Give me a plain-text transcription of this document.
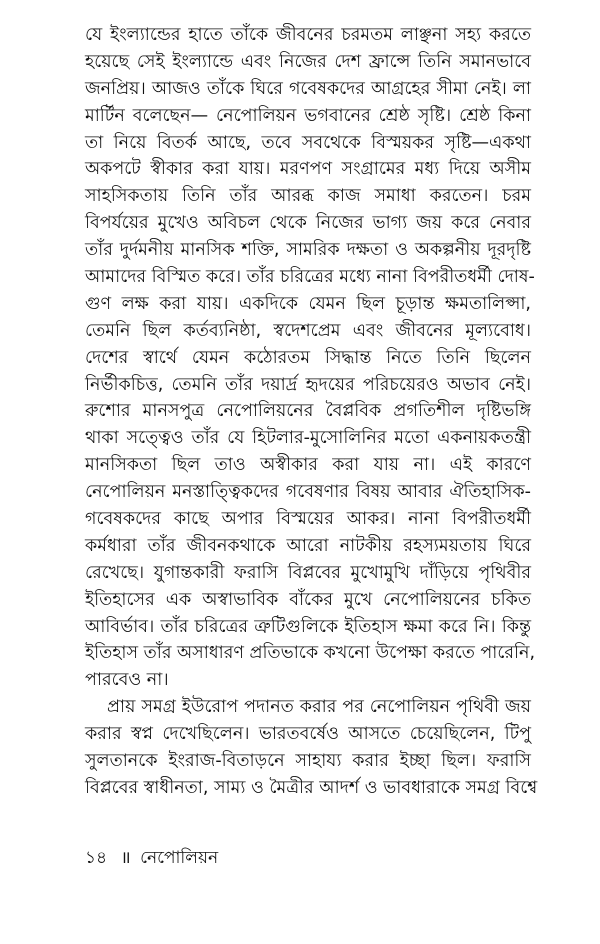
যে ইংল্যান্ডের হাতে তাঁকে জীবনের চরমতম লাঞ্ছনা সহ্য করতে
হয়েছে সেই ইংল্যান্ডে এবং নিজের দেশ ফ্রান্সে তিনি সমানভাবে
জনপ্রিয়। আজও তাঁকে ঘিরে গবেষকদের আগ্রহের সীমা নেই। লা
মার্টিন বলেছেন— নেপোলিয়ন ভগবানের শ্রেষ্ঠ সৃষ্টি। শ্রেষ্ঠ কিনা
তা নিয়ে বিতর্ক আছে, তবে সবথেকে বিস্ময়কর সৃষ্টি—একথা
অকপটে স্বীকার করা যায়। মরণপণ সংগ্রামের মধ্য দিয়ে অসীম
সাহসিকতায় তিনি তাঁর আরব্ধ কাজ সমাধা করতেন। চরম
বিপর্যয়ের মুখেও অবিচল থেকে নিজের ভাগ্য জয় করে নেবার
তাঁর দুর্দমনীয় মানসিক শক্তি, সামরিক দক্ষতা ও অকল্পনীয় দূরদৃষ্টি
আমাদের বিস্মিত করে। তাঁর চরিত্রের মধ্যে নানা বিপরীতধর্মী দোষ-
গুণ লক্ষ করা যায়। একদিকে যেমন ছিল চূড়ান্ত ক্ষমতালিপ্সা,
তেমনি ছিল কর্তব্যনিষ্ঠা, স্বদেশপ্রেম এবং জীবনের মূল্যবোধ।
দেশের স্বার্থে যেমন কঠোরতম সিদ্ধান্ত নিতে তিনি ছিলেন
নির্ভীকচিত্ত, তেমনি তাঁর দয়ার্দ্র হৃদয়ের পরিচয়েরও অভাব নেই।
রুশোর মানসপুত্র নেপোলিয়নের বৈপ্লবিক প্রগতিশীল দৃষ্টিভঙ্গি
থাকা সত্ত্বেও তাঁর যে হিটলার-মুসোলিনির মতো একনায়কতন্ত্রী
মানসিকতা ছিল তাও অস্বীকার করা যায় না। এই কারণে
নেপোলিয়ন মনস্তাত্ত্বিকদের গবেষণার বিষয় আবার ঐতিহাসিক-
গবেষকদের কাছে অপার বিস্ময়ের আকর। নানা বিপরীতধর্মী
কর্মধারা তাঁর জীবনকথাকে আরো নাটকীয় রহস্যময়তায় ঘিরে
রেখেছে। যুগান্তকারী ফরাসি বিপ্লবের মুখোমুখি দাঁড়িয়ে পৃথিবীর
ইতিহাসের এক অস্বাভাবিক বাঁকের মুখে নেপোলিয়নের চকিত
আবির্ভাব। তাঁর চরিত্রের ত্রুটিগুলিকে ইতিহাস ক্ষমা করে নি। কিন্তু
ইতিহাস তাঁর অসাধারণ প্রতিভাকে কখনো উপেক্ষা করতে পারেনি,
পারবেও না।
প্রায় সমগ্র ইউরোপ পদানত করার পর নেপোলিয়ন পৃথিবী জয়
করার স্বপ্ন দেখেছিলেন। ভারতবর্ষেও আসতে চেয়েছিলেন, টিপু
সুলতানকে ইংরাজ-বিতাড়নে সাহায্য করার ইচ্ছা ছিল। ফরাসি
বিপ্লবের স্বাধীনতা, সাম্য ও মৈত্রীর আদর্শ ও ভাবধারাকে সমগ্র বিশ্বে
১৪ ॥ নেপোলিয়ন
